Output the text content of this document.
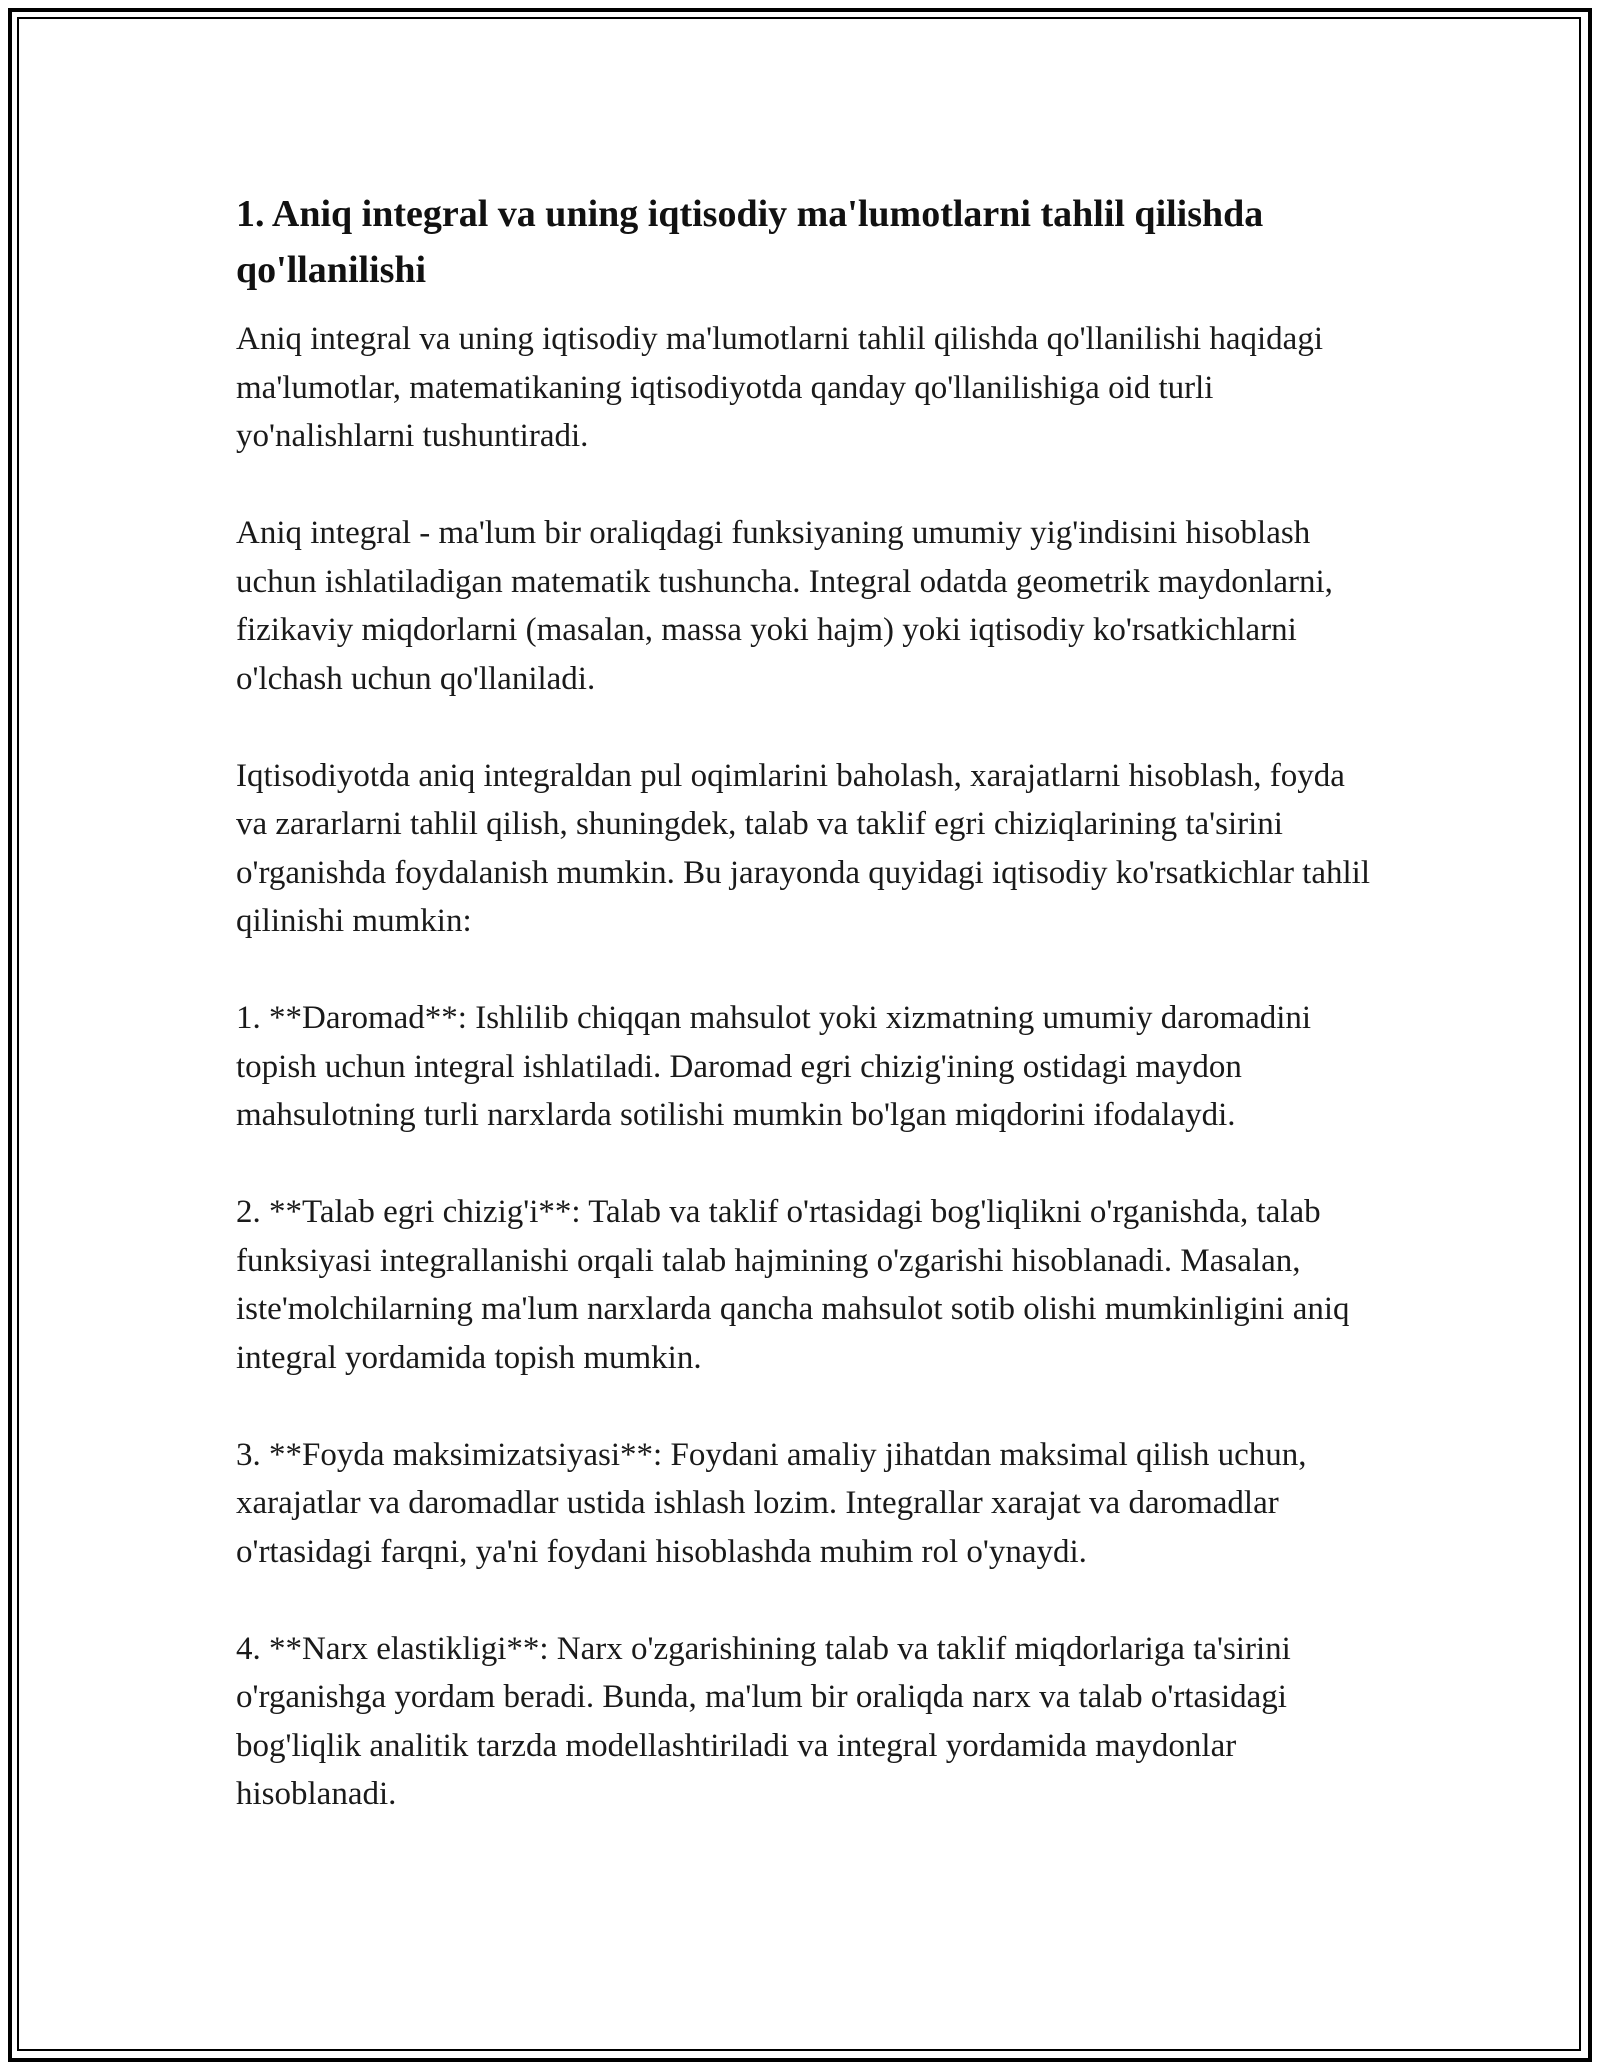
1. Aniq integral va uning iqtisodiy ma'lumotlarni tahlil qilishda qo'llanilishi

Aniq integral va uning iqtisodiy ma'lumotlarni tahlil qilishda qo'llanilishi haqidagi ma'lumotlar, matematikaning iqtisodiyotda qanday qo'llanilishiga oid turli yo'nalishlarni tushuntiradi.

Aniq integral - ma'lum bir oraliqdagi funksiyaning umumiy yig'indisini hisoblash uchun ishlatiladigan matematik tushuncha. Integral odatda geometrik maydonlarni, fizikaviy miqdorlarni (masalan, massa yoki hajm) yoki iqtisodiy ko'rsatkichlarni o'lchash uchun qo'llaniladi.

Iqtisodiyotda aniq integraldan pul oqimlarini baholash, xarajatlarni hisoblash, foyda va zararlarni tahlil qilish, shuningdek, talab va taklif egri chiziqlarining ta'sirini o'rganishda foydalanish mumkin. Bu jarayonda quyidagi iqtisodiy ko'rsatkichlar tahlil qilinishi mumkin:

1. **Daromad**: Ishlilib chiqqan mahsulot yoki xizmatning umumiy daromadini topish uchun integral ishlatiladi. Daromad egri chizig'ining ostidagi maydon mahsulotning turli narxlarda sotilishi mumkin bo'lgan miqdorini ifodalaydi.

2. **Talab egri chizig'i**: Talab va taklif o'rtasidagi bog'liqlikni o'rganishda, talab funksiyasi integrallanishi orqali talab hajmining o'zgarishi hisoblanadi. Masalan, iste'molchilarning ma'lum narxlarda qancha mahsulot sotib olishi mumkinligini aniq integral yordamida topish mumkin.

3. **Foyda maksimizatsiyasi**: Foydani amaliy jihatdan maksimal qilish uchun, xarajatlar va daromadlar ustida ishlash lozim. Integrallar xarajat va daromadlar o'rtasidagi farqni, ya'ni foydani hisoblashda muhim rol o'ynaydi.

4. **Narx elastikligi**: Narx o'zgarishining talab va taklif miqdorlariga ta'sirini o'rganishga yordam beradi. Bunda, ma'lum bir oraliqda narx va talab o'rtasidagi bog'liqlik analitik tarzda modellashtiriladi va integral yordamida maydonlar hisoblanadi.
